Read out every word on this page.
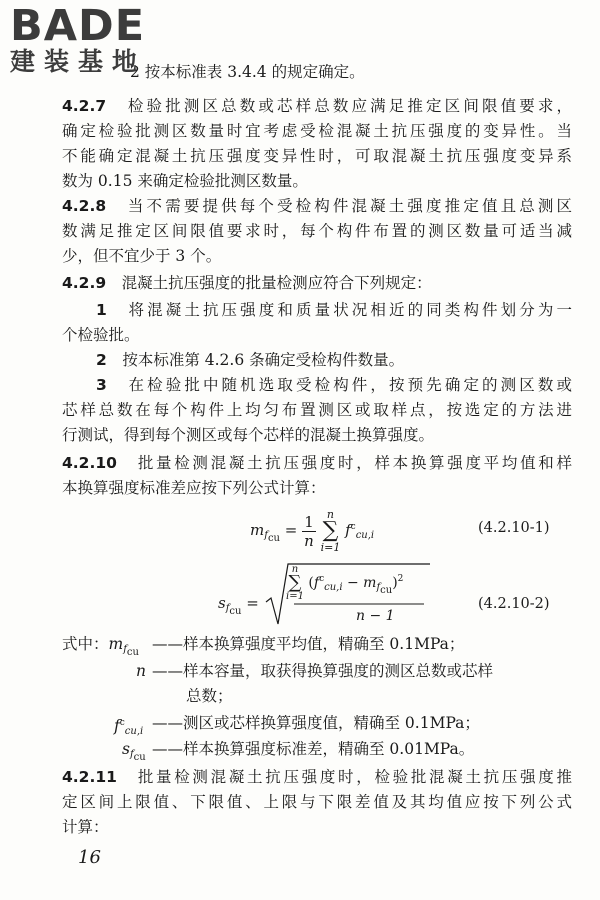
BADE
建装基地
2 按本标准表 3.4.4 的规定确定。
4.2.7　 检验批测区总数或芯样总数应满足推定区间限值要求，
确定检验批测区数量时宜考虑受检混凝土抗压强度的变异性。当
不能确定混凝土抗压强度变异性时，可取混凝土抗压强度变异系
数为 0.15 来确定检验批测区数量。
4.2.8　 当不需要提供每个受检构件混凝土强度推定值且总测区
数满足推定区间限值要求时，每个构件布置的测区数量可适当减
少，但不宜少于 3 个。
4.2.9　 混凝土抗压强度的批量检测应符合下列规定：
1　 将混凝土抗压强度和质量状况相近的同类构件划分为一
个检验批。
2　 按本标准第 4.2.6 条确定受检构件数量。
3　 在检验批中随机选取受检构件，按预先确定的测区数或
芯样总数在每个构件上均匀布置测区或取样点，按选定的方法进
行测试，得到每个测区或每个芯样的混凝土换算强度。
4.2.10　 批量检测混凝土抗压强度时，样本换算强度平均值和样
本换算强度标准差应按下列公式计算：
$m_{fcu} = \frac{1}{n}$
	n
∑
i=1
$f^c_{cu,i}$	(4.2.10-1)
$s_{fcu}$ =
n
∑
i=1
$(f^c_{cu,i} - m_{fcu})^2$
n − 1
(4.2.10-2)
式中：$m_{fcu}$ ——样本换算强度平均值，精确至 0.1MPa；
n ——样本容量，取获得换算强度的测区总数或芯样
总数；
$f^c_{cu,i}$ ——测区或芯样换算强度值，精确至 0.1MPa；
$s_{fcu}$ ——样本换算强度标准差，精确至 0.01MPa。
4.2.11　 批量检测混凝土抗压强度时，检验批混凝土抗压强度推
定区间上限值、下限值、上限与下限差值及其均值应按下列公式
计算：
16
